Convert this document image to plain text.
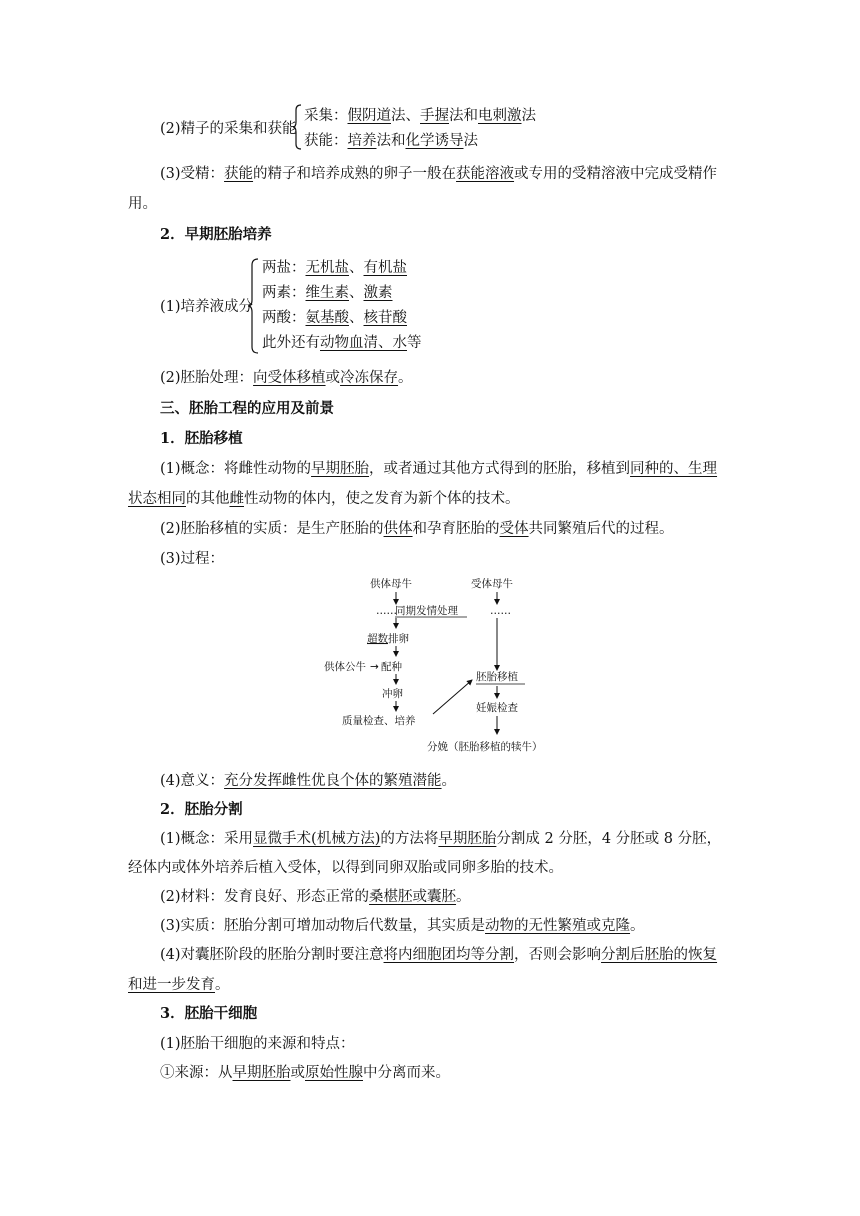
(2)精子的采集和获能
采集：假阴道法、手握法和电刺激法
获能：培养法和化学诱导法
(3)受精：获能的精子和培养成熟的卵子一般在获能溶液或专用的受精溶液中完成受精作
用。
2．早期胚胎培养
(1)培养液成分
两盐：无机盐、有机盐
两素：维生素、激素
两酸：氨基酸、核苷酸
此外还有动物血清、水等
(2)胚胎处理：向受体移植或冷冻保存。
三、胚胎工程的应用及前景
1．胚胎移植
(1)概念：将雌性动物的早期胚胎，或者通过其他方式得到的胚胎，移植到同种的、生理
状态相同的其他雌性动物的体内，使之发育为新个体的技术。
(2)胚胎移植的实质：是生产胚胎的供体和孕育胚胎的受体共同繁殖后代的过程。
(3)过程：
供体母牛	受体母牛
……
同期发情处理	……
超数排卵
供体公牛 → 配种
冲卵
质量检查、培养
胚胎移植
妊娠检查
分娩（胚胎移植的犊牛）
(4)意义：充分发挥雌性优良个体的繁殖潜能。
2．胚胎分割
(1)概念：采用显微手术(机械方法)的方法将早期胚胎分割成 2 分胚，4 分胚或 8 分胚，
经体内或体外培养后植入受体，以得到同卵双胎或同卵多胎的技术。
(2)材料：发育良好、形态正常的桑椹胚或囊胚。
(3)实质：胚胎分割可增加动物后代数量，其实质是动物的无性繁殖或克隆。
(4)对囊胚阶段的胚胎分割时要注意将内细胞团均等分割，否则会影响分割后胚胎的恢复
和进一步发育。
3．胚胎干细胞
(1)胚胎干细胞的来源和特点：
①来源：从早期胚胎或原始性腺中分离而来。
